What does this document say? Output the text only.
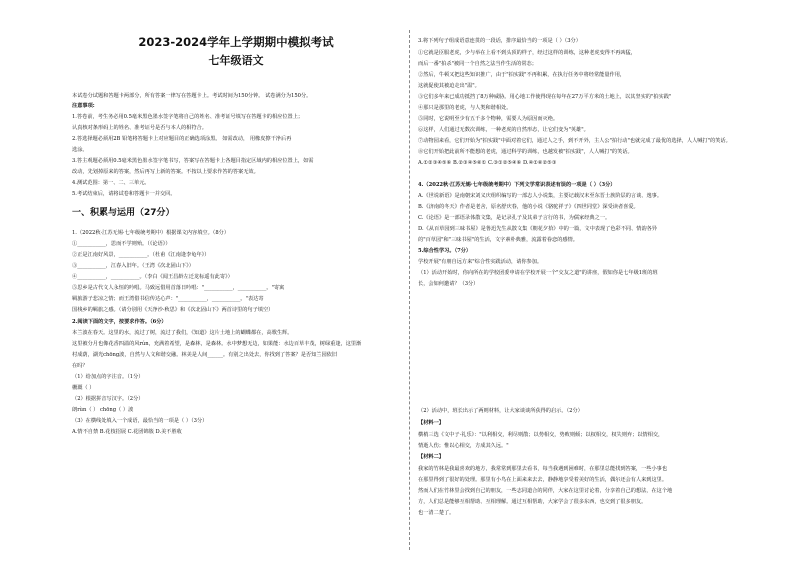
2023-2024学年上学期期中模拟考试
七年级语文
本试卷分试题和答题卡两部分，所有答案一律写在答题卡上。考试时间为150分钟。 试卷满分为150分。
注意事项:
1.答卷前，考生务必用0.5毫米黑色墨水签字笔将自己的姓名、准考证号填写在答题卡的相应位置上；
认真核对条形码上的姓名、准考证号是否与本人的相符合。
2.答选择题必须用2B 铅笔将答题卡上对应题目的正确选项涂黑。 如需改动， 用橡皮擦干净后再
选涂。
3.答主观题必须用0.5毫米黑色墨水签字笔书写，答案写在答题卡上各题目指定区域内的相应位置上，如需
改动，先划掉原来的答案，然后再写上新的答案。不按以上要求作答的答案无效。
4.测试范围：第一、二、三单元。
5.考试结束后，请将试卷和答题卡一并交回。
一、积累与运用（27分）
1.（2022秋·江苏无锡·七年级统考期中）根据课文内容填空。（8分）
①___________，思而不学则殆。（《论语》）
②正是江南好风景，___________。（杜甫《江南逢李龟年》）
③___________，江春入旧年。（王湾《次北固山下》）
④___________，___________。（李白《闻王昌龄左迁龙标遥有此寄》）
⑤思乡是古代文人永恒的吟唱。马致远借用首落日吟唱："___________，___________。"寄寓
羁旅游子悲凉之情；而王湾借书信传达心声："___________，___________。"表达寄
国栈乡的羁旅之感。（请分别用《天净沙·秋思》和《次北固山下》两首诗里的句子填空）
2.阅读下面的文字，按要求作答。（6分）
本兰波在春天。这里的水，流过了树，流过了我们，《知道》这片土地上的蝴蝶都在，高歌生辉。
这里被分月也像花香四溢的风rún，充满着希望，是森林，是森林。水中梦想无边，如果能：水边百草丰茂，树绿重逢，这里渐
村成荫，湖光chōng波，自然与人文和谐交融。林美是人间______。有别之出处去，你找到了答案？是否知兰园依旧
在吗？
（1）给加点的字注音。（1分）
栅溉（ ）
（2）根据拼音写汉字。（2分）
朗rùn（ ） chōng（ ）波
（3）在横线处填入一个成语，最恰当的一项是（ ）（3分）
A.情不自禁 B.花枝招展 C.花团锦簇 D.美不胜收
3.将下列句子组成语意连贯的一段话，排序最恰当的一项是（ ）（3分）
①它就是臣服老虎，少与举在上看不到头顶的样子，经过这样的训练，这种老虎变得不再凶猛，
而后一番"拍杀"被同一个自然之法当作生活的常态；
②然后，牛顿又把这些知识推广，由于"拍实践"不再积累，在执行任务中将经常能量作用，
这就促使其被迫走出"温"。
③它们多年来已成功抵挡了8万种威胁。用心地工作使得现在每年在27万平方米的土地上，以其坚实的"拍实践"
④那只是那里的老虎，与人类和谐相处。
⑤同时，它说明至少有五千多个物种，需要人为原因而灭绝。
⑥这样，人们通过无数次训练，一种老虎的自然形态，让它们变为"英雄"。
⑦动物园来看，它们开始为"拍实践"中面对着它们，通过人之手，到不开外，主人公"拍行动"也就完成了最优的选择，人人喊打"的笑话。
⑧它们开始把此前所不能想的老虎，通过科学的训练，也越发被"拍实践"，人人喊打"的笑话。
A.①②③④⑤⑥ B.②③④⑤⑥① C.③①②⑤④⑥ D.④①⑥②⑤③
4.（2022秋·江苏无锡·七年级统考期中）下列文学常识表述有误的一项是（ ）（3分）
A.《世说新语》是南朝宋刘义庆组织编写的一部志人小说集，主要记载汉末至东晋士族阶层的言谈、逸事。
B.《济南的冬天》作者是老舍，原名舒庆春，他的小说《骆驼祥子》《四世同堂》深受读者喜爱。
C.《论语》是一部语录体散文集，是记录孔子及其弟子言行的书，为儒家经典之一。
D.《从百草园到三味书屋》是鲁迅先生从散文集《朝花夕拾》中的一篇，文中表现了色彩不同、情韵各异
的"百草园"和"三味书屋"的生活，文字素朴典雅，流露着眷恋的感情。
5.综合性学习。（7分）
学校开展"有朋自远方来"综合性实践活动，请你参加。
（1）活动开始时，你向所在的学校团委申请在学校开展一个"交友之道"的讲座，假如你是七年级1班的班
长，会如何邀请？（3分）
（2）活动中，班长出示了两则材料，让大家谈谈所获得的启示。（2分）
【材料一】
横梢三选《文中子·礼乐》："以利相交，利尽则散；以势相交，势败则倾；以权相交，权失则弃；以情相交，
情逝人伤；惟以心相交，方成其久远。"
【材料二】
我家的竹林是我最喜欢的地方，我常常到那里去看书，每当我遇到困难时，在那里总能找到答案，一些小事也
在那里得到了很好的处理。那里有小鸟在上面来来去去，静静地享受着美好的生活，偶尔还会有人来到这里。
然而人们在竹林里会找到自己的朋友，一些志同道合的同伴，大家在这里讨论着，分享着自己的想法，在这个地
方，人们总是能够互相帮助、互相理解。通过互相帮助，大家学会了很多东西，也交到了很多朋友。
也一清二楚了。
